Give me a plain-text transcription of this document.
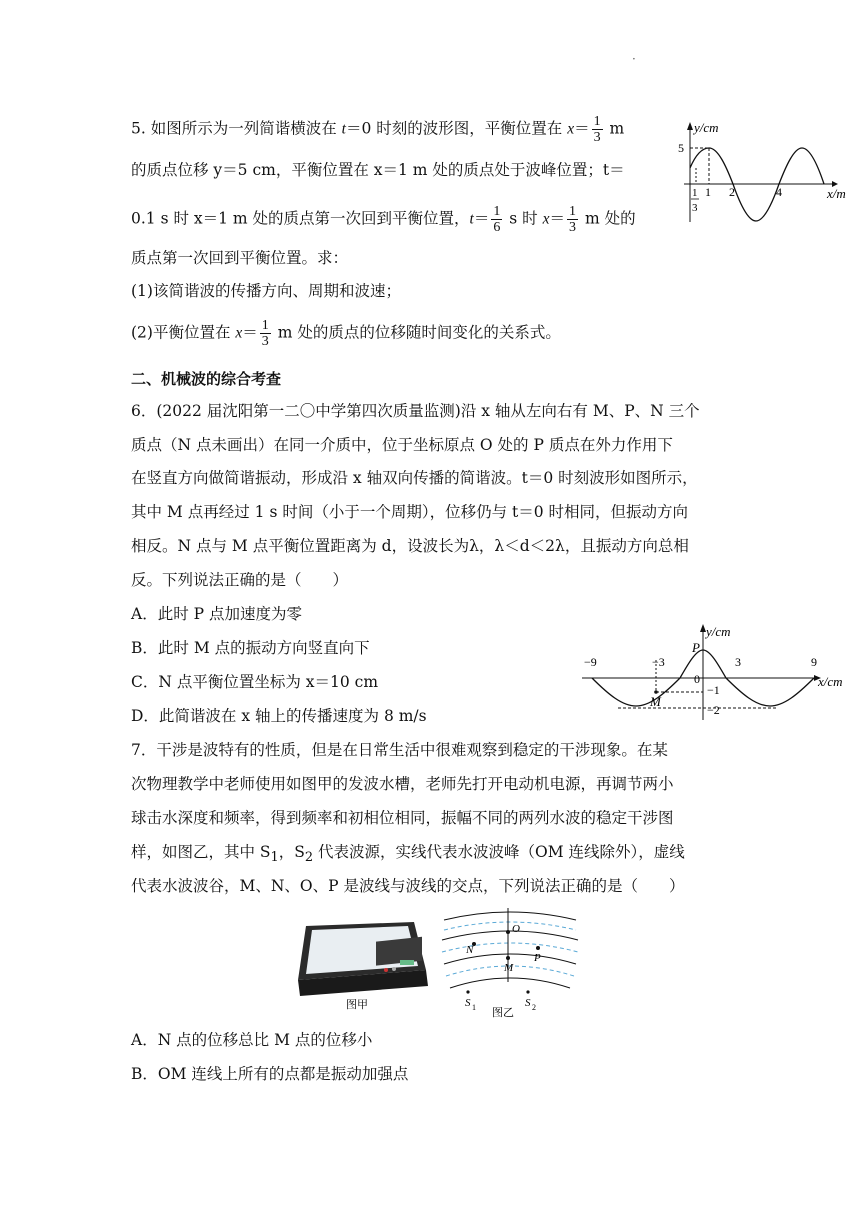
·
5. 如图所示为一列简谐横波在 t＝0 时刻的波形图，平衡位置在 $x= \frac{1}{3}$ m
的质点位移 y＝5 cm，平衡位置在 x＝1 m 处的质点处于波峰位置；t＝
0.1 s 时 x＝1 m 处的质点第一次回到平衡位置，$t= \frac{1}{6}$ s 时 $x= \frac{1}{3}$ m 处的
质点第一次回到平衡位置。求：
(1)该简谐波的传播方向、周期和波速；
(2)平衡位置在 $x= \frac{1}{3}$ m 处的质点的位移随时间变化的关系式。
y/cm
5
1 2	4	x/m
1
3
二、机械波的综合考查
6．(2022 届沈阳第一二〇中学第四次质量监测)沿 x 轴从左向右有 M、P、N 三个
质点（N 点未画出）在同一介质中，位于坐标原点 O 处的 P 质点在外力作用下
在竖直方向做简谐振动，形成沿 x 轴双向传播的简谐波。t＝0 时刻波形如图所示，
其中 M 点再经过 1 s 时间（小于一个周期），位移仍与 t＝0 时相同，但振动方向
相反。N 点与 M 点平衡位置距离为 d，设波长为λ，λ＜d＜2λ，且振动方向总相
反。下列说法正确的是（　　）
A．此时 P 点加速度为零
B．此时 M 点的振动方向竖直向下
C．N 点平衡位置坐标为 x＝10 cm
D．此简谐波在 x 轴上的传播速度为 8 m/s
y/cm
−9	−3
P
3	9
0
−1
−2
x/cm
M
7．干涉是波特有的性质，但是在日常生活中很难观察到稳定的干涉现象。在某
次物理教学中老师使用如图甲的发波水槽，老师先打开电动机电源，再调节两小
球击水深度和频率，得到频率和初相位相同，振幅不同的两列水波的稳定干涉图
样，如图乙，其中 $S_1$，$S_2$ 代表波源，实线代表水波波峰（OM 连线除外），虚线
代表水波波谷，M、N、O、P 是波线与波线的交点，下列说法正确的是（　　）
图甲
O
N
M
P
S 1	S 2
图乙
A．N 点的位移总比 M 点的位移小
B．OM 连线上所有的点都是振动加强点
